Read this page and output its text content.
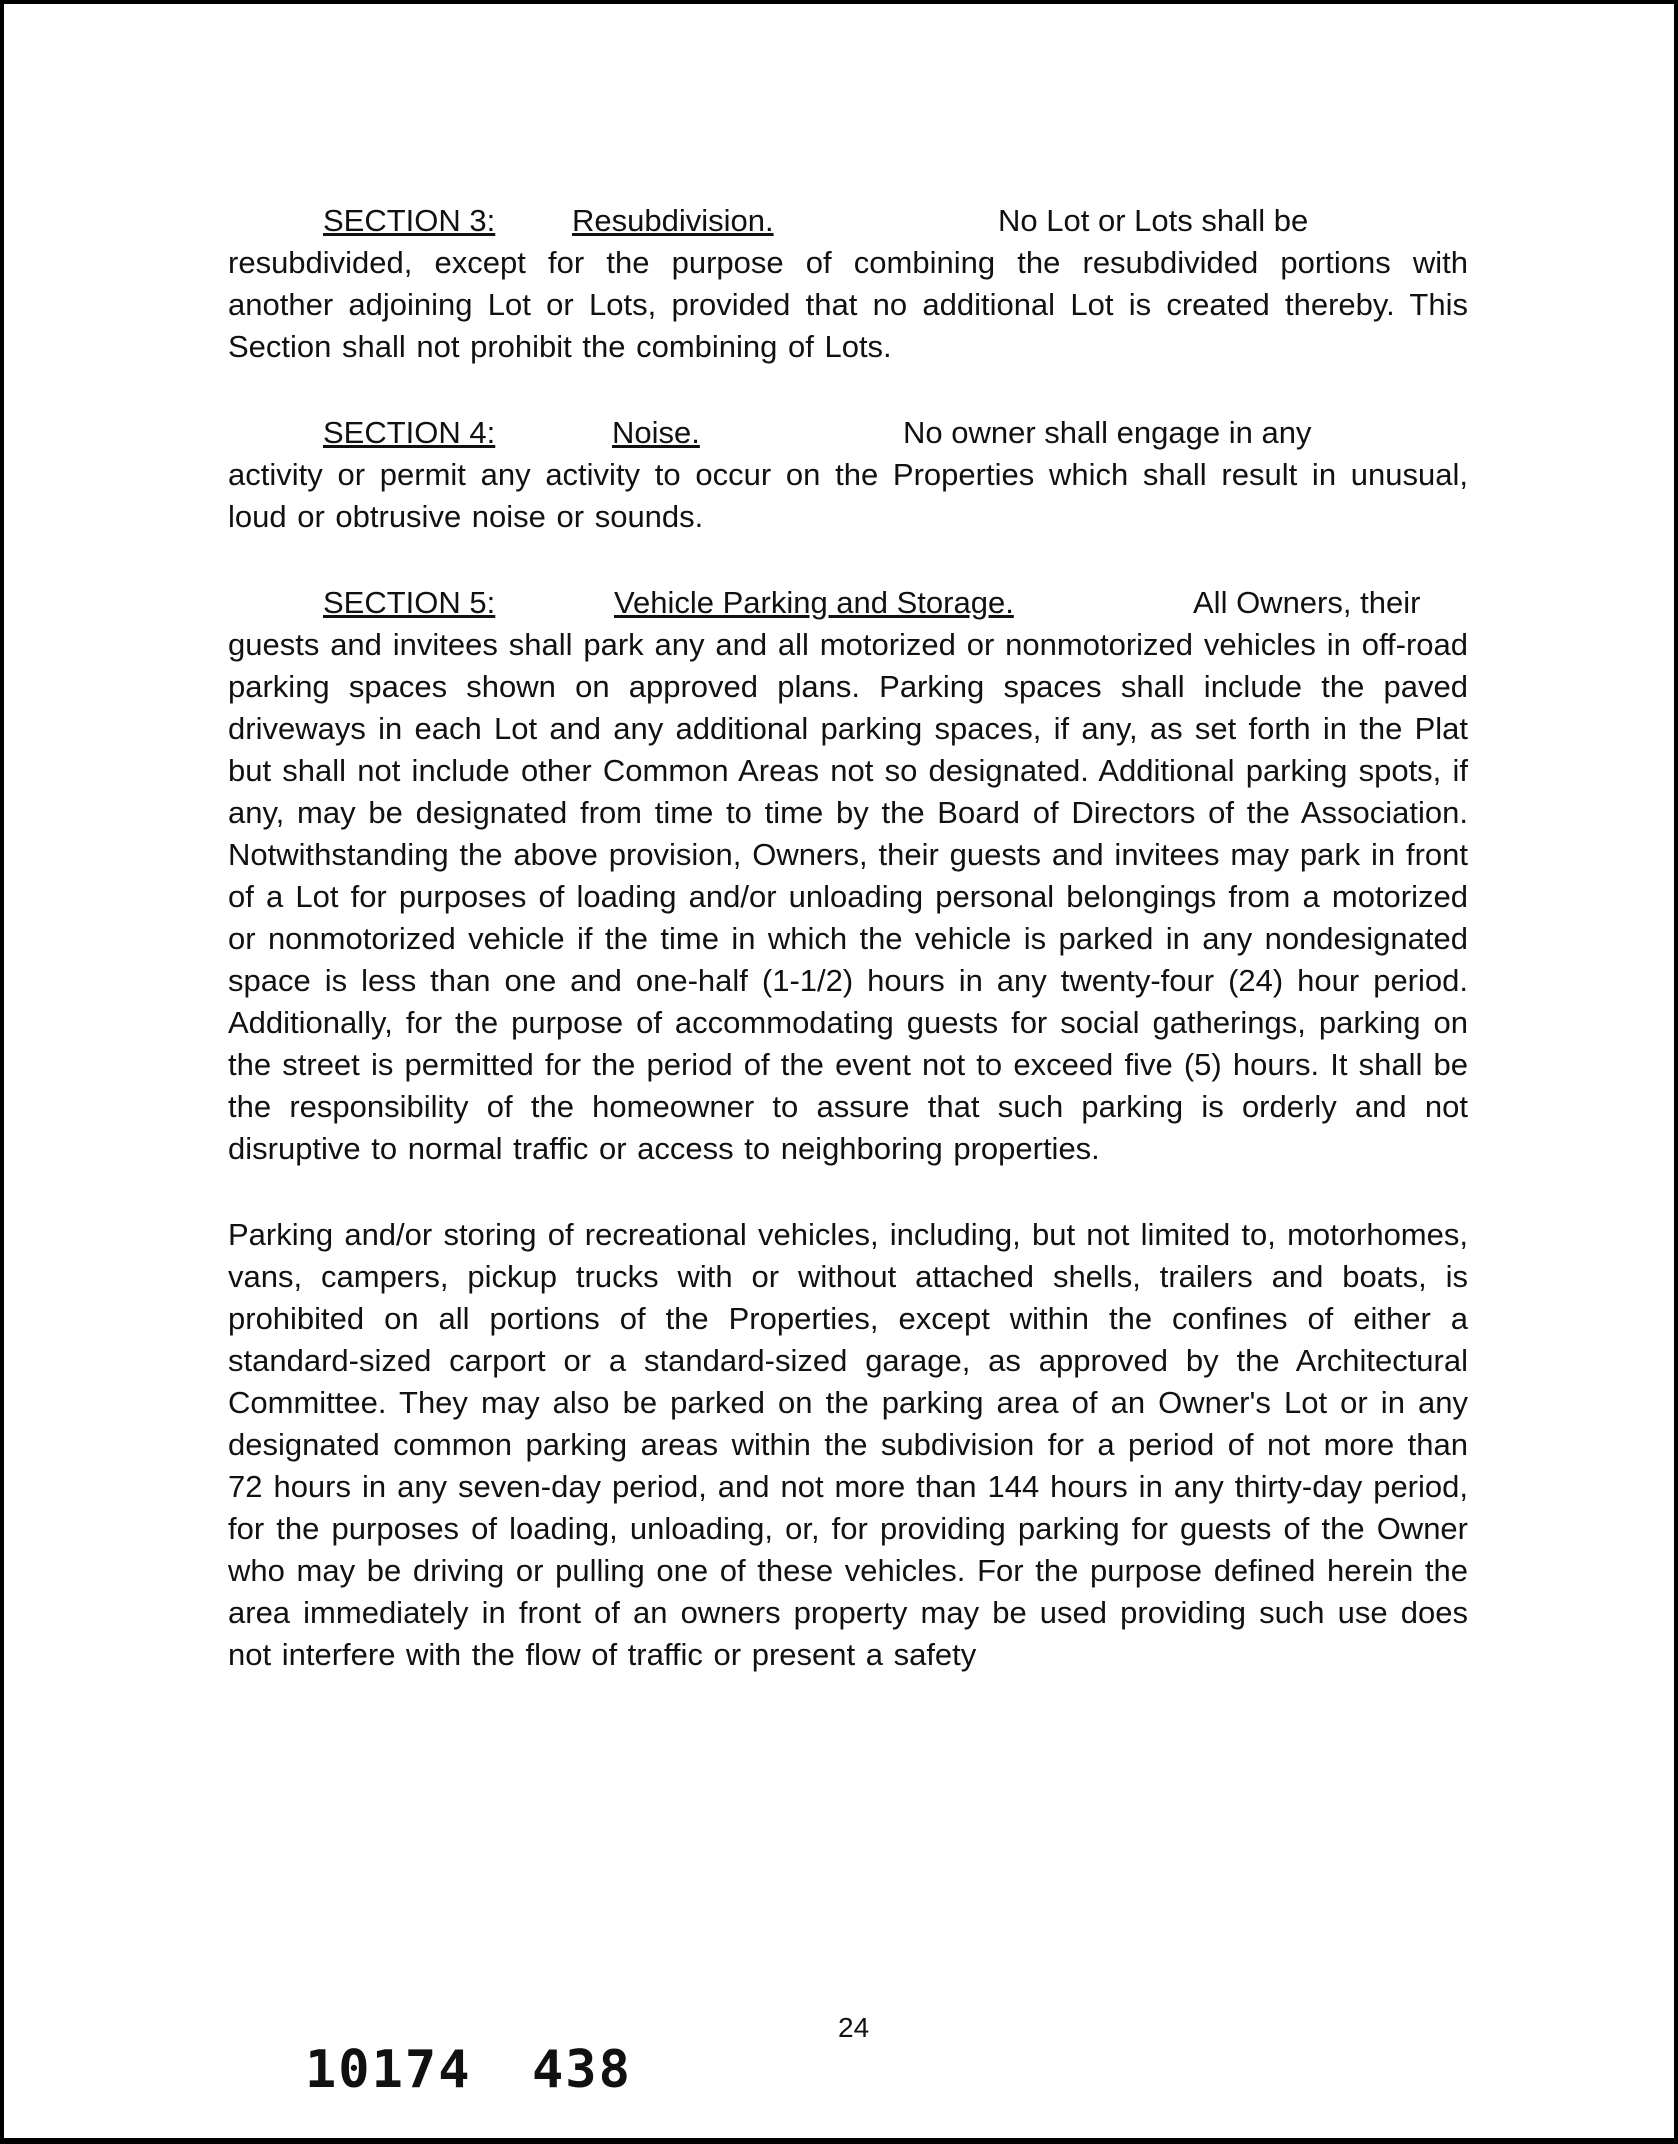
SECTION 3: Resubdivision.	No Lot or Lots shall be

resubdivided, except for the purpose of combining the resubdivided portions with another adjoining Lot or Lots, provided that no additional Lot is created thereby. This Section shall not prohibit the combining of Lots.

SECTION 4:	Noise.	No owner shall engage in any

activity or permit any activity to occur on the Properties which shall result in unusual, loud or obtrusive noise or sounds.

SECTION 5:	Vehicle Parking and Storage.	All Owners, their

guests and invitees shall park any and all motorized or nonmotorized vehicles in off-road parking spaces shown on approved plans. Parking spaces shall include the paved driveways in each Lot and any additional parking spaces, if any, as set forth in the Plat but shall not include other Common Areas not so designated. Additional parking spots, if any, may be designated from time to time by the Board of Directors of the Association. Notwithstanding the above provision, Owners, their guests and invitees may park in front of a Lot for purposes of loading and/or unloading personal belongings from a motorized or nonmotorized vehicle if the time in which the vehicle is parked in any nondesignated space is less than one and one-half (1-1/2) hours in any twenty-four (24) hour period. Additionally, for the purpose of accommodating guests for social gatherings, parking on the street is permitted for the period of the event not to exceed five (5) hours. It shall be the responsibility of the homeowner to assure that such parking is orderly and not disruptive to normal traffic or access to neighboring properties.

Parking and/or storing of recreational vehicles, including, but not limited to, motorhomes, vans, campers, pickup trucks with or without attached shells, trailers and boats, is prohibited on all portions of the Properties, except within the confines of either a standard-sized carport or a standard-sized garage, as approved by the Architectural Committee. They may also be parked on the parking area of an Owner's Lot or in any designated common parking areas within the subdivision for a period of not more than 72 hours in any seven-day period, and not more than 144 hours in any thirty-day period, for the purposes of loading, unloading, or, for providing parking for guests of the Owner who may be driving or pulling one of these vehicles. For the purpose defined herein the area immediately in front of an owners property may be used providing such use does not interfere with the flow of traffic or present a safety

24
10174 438
